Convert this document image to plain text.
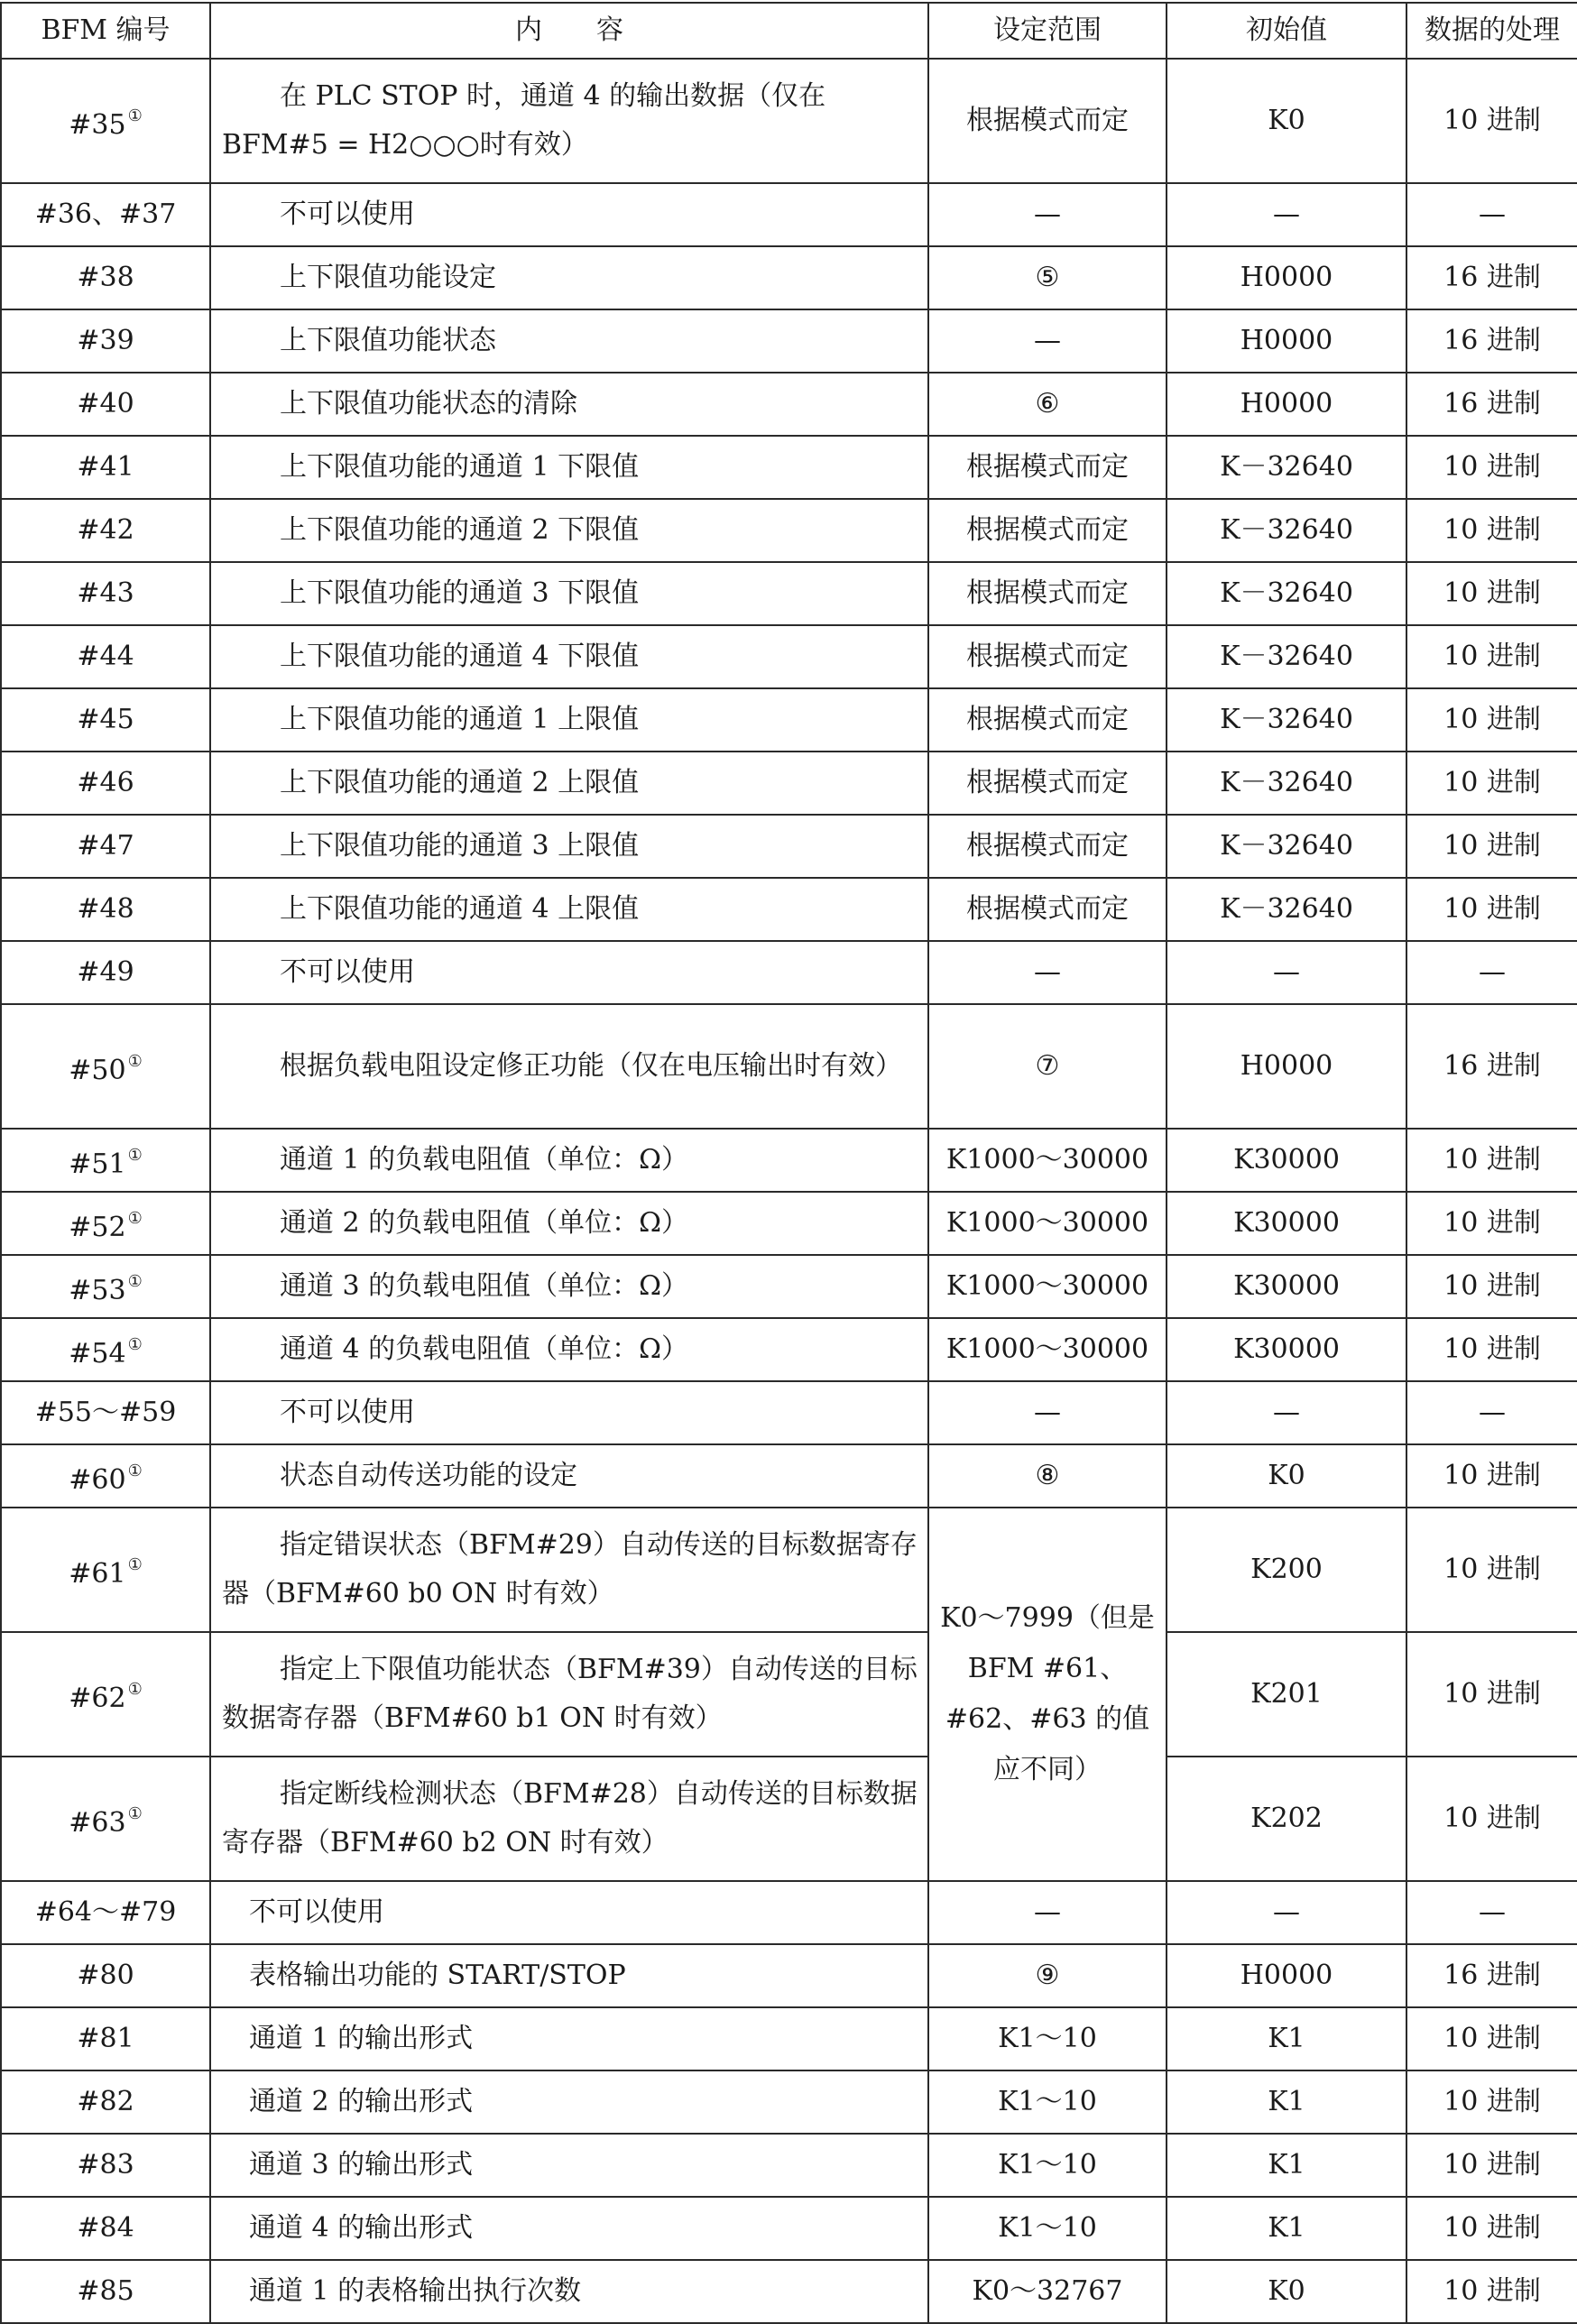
BFM 编号	内　　容	设定范围	初始值	数据的处理
#35 ①	在 PLC STOP 时，通道 4 的输出数据（仅在 BFM#5 = H2○○○时有效）	根据模式而定	K0	10 进制
#36、#37	不可以使用	—	—	—
#38	上下限值功能设定	⑤	H0000	16 进制
#39	上下限值功能状态	—	H0000	16 进制
#40	上下限值功能状态的清除	⑥	H0000	16 进制
#41	上下限值功能的通道 1 下限值	根据模式而定	K－32640	10 进制
#42	上下限值功能的通道 2 下限值	根据模式而定	K－32640	10 进制
#43	上下限值功能的通道 3 下限值	根据模式而定	K－32640	10 进制
#44	上下限值功能的通道 4 下限值	根据模式而定	K－32640	10 进制
#45	上下限值功能的通道 1 上限值	根据模式而定	K－32640	10 进制
#46	上下限值功能的通道 2 上限值	根据模式而定	K－32640	10 进制
#47	上下限值功能的通道 3 上限值	根据模式而定	K－32640	10 进制
#48	上下限值功能的通道 4 上限值	根据模式而定	K－32640	10 进制
#49	不可以使用	—	—	—
#50 ①	根据负载电阻设定修正功能（仅在电压输出时有效）	⑦	H0000	16 进制
#51 ①	通道 1 的负载电阻值（单位：Ω）	K1000～30000	K30000	10 进制
#52 ①	通道 2 的负载电阻值（单位：Ω）	K1000～30000	K30000	10 进制
#53 ①	通道 3 的负载电阻值（单位：Ω）	K1000～30000	K30000	10 进制
#54 ①	通道 4 的负载电阻值（单位：Ω）	K1000～30000	K30000	10 进制
#55～#59	不可以使用	—	—	—
#60 ①	状态自动传送功能的设定	⑧	K0	10 进制
#61 ①	指定错误状态（BFM#29）自动传送的目标数据寄存器（BFM#60 b0 ON 时有效）	K0～7999（但是 BFM #61、#62、#63 的值应不同）	K200	10 进制
#62 ①	指定上下限值功能状态（BFM#39）自动传送的目标数据寄存器（BFM#60 b1 ON 时有效）		K201	10 进制
#63 ①	指定断线检测状态（BFM#28）自动传送的目标数据寄存器（BFM#60 b2 ON 时有效）		K202	10 进制
#64～#79	不可以使用	—	—	—
#80	表格输出功能的 START/STOP	⑨	H0000	16 进制
#81	通道 1 的输出形式	K1～10	K1	10 进制
#82	通道 2 的输出形式	K1～10	K1	10 进制
#83	通道 3 的输出形式	K1～10	K1	10 进制
#84	通道 4 的输出形式	K1～10	K1	10 进制
#85	通道 1 的表格输出执行次数	K0～32767	K0	10 进制
